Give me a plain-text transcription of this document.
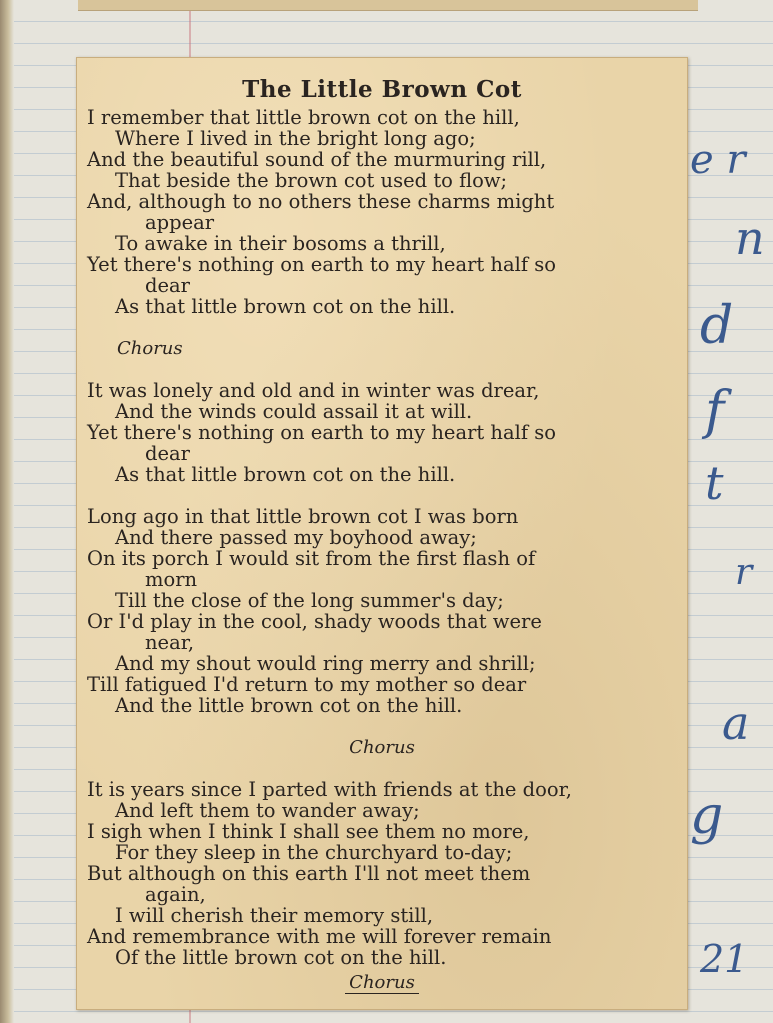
e r
n
d
f
t
r
a
g
21
The Little Brown Cot
I remember that little brown cot on the hill,
Where I lived in the bright long ago;
And the beautiful sound of the murmuring rill,
That beside the brown cot used to flow;
And, although to no others these charms might
appear
To awake in their bosoms a thrill,
Yet there's nothing on earth to my heart half so
dear
As that little brown cot on the hill.
Chorus
It was lonely and old and in winter was drear,
And the winds could assail it at will.
Yet there's nothing on earth to my heart half so
dear
As that little brown cot on the hill.
Long ago in that little brown cot I was born
And there passed my boyhood away;
On its porch I would sit from the first flash of
morn
Till the close of the long summer's day;
Or I'd play in the cool, shady woods that were
near,
And my shout would ring merry and shrill;
Till fatigued I'd return to my mother so dear
And the little brown cot on the hill.
Chorus
It is years since I parted with friends at the door,
And left them to wander away;
I sigh when I think I shall see them no more,
For they sleep in the churchyard to-day;
But although on this earth I'll not meet them
again,
I will cherish their memory still,
And remembrance with me will forever remain
Of the little brown cot on the hill.
Chorus
